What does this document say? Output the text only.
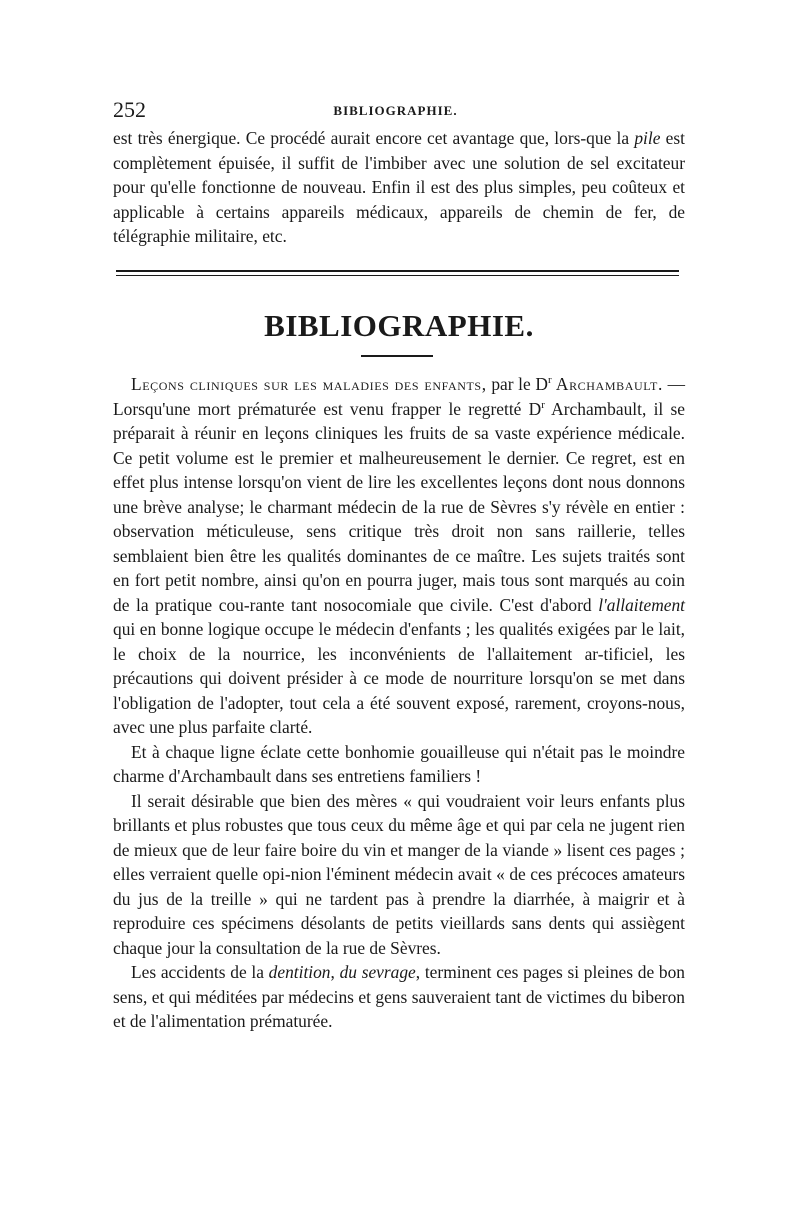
252	BIBLIOGRAPHIE.

est très énergique. Ce procédé aurait encore cet avantage que, lors-que la pile est complètement épuisée, il suffit de l'imbiber avec une solution de sel excitateur pour qu'elle fonctionne de nouveau. Enfin il est des plus simples, peu coûteux et applicable à certains appareils médicaux, appareils de chemin de fer, de télégraphie militaire, etc.

BIBLIOGRAPHIE.

Leçons cliniques sur les maladies des enfants, par le $D^r$ Archambault. — Lorsqu'une mort prématurée est venu frapper le regretté $D^r$ Archambault, il se préparait à réunir en leçons cliniques les fruits de sa vaste expérience médicale. Ce petit volume est le premier et malheureusement le dernier. Ce regret, est en effet plus intense lorsqu'on vient de lire les excellentes leçons dont nous donnons une brève analyse; le charmant médecin de la rue de Sèvres s'y révèle en entier : observation méticuleuse, sens critique très droit non sans raillerie, telles semblaient bien être les qualités dominantes de ce maître. Les sujets traités sont en fort petit nombre, ainsi qu'on en pourra juger, mais tous sont marqués au coin de la pratique cou-rante tant nosocomiale que civile. C'est d'abord l'allaitement qui en bonne logique occupe le médecin d'enfants ; les qualités exigées par le lait, le choix de la nourrice, les inconvénients de l'allaitement ar-tificiel, les précautions qui doivent présider à ce mode de nourriture lorsqu'on se met dans l'obligation de l'adopter, tout cela a été souvent exposé, rarement, croyons-nous, avec une plus parfaite clarté.

Et à chaque ligne éclate cette bonhomie gouailleuse qui n'était pas le moindre charme d'Archambault dans ses entretiens familiers !

Il serait désirable que bien des mères « qui voudraient voir leurs enfants plus brillants et plus robustes que tous ceux du même âge et qui par cela ne jugent rien de mieux que de leur faire boire du vin et manger de la viande » lisent ces pages ; elles verraient quelle opi-nion l'éminent médecin avait « de ces précoces amateurs du jus de la treille » qui ne tardent pas à prendre la diarrhée, à maigrir et à reproduire ces spécimens désolants de petits vieillards sans dents qui assiègent chaque jour la consultation de la rue de Sèvres.

Les accidents de la dentition, du sevrage, terminent ces pages si pleines de bon sens, et qui méditées par médecins et gens sauveraient tant de victimes du biberon et de l'alimentation prématurée.
